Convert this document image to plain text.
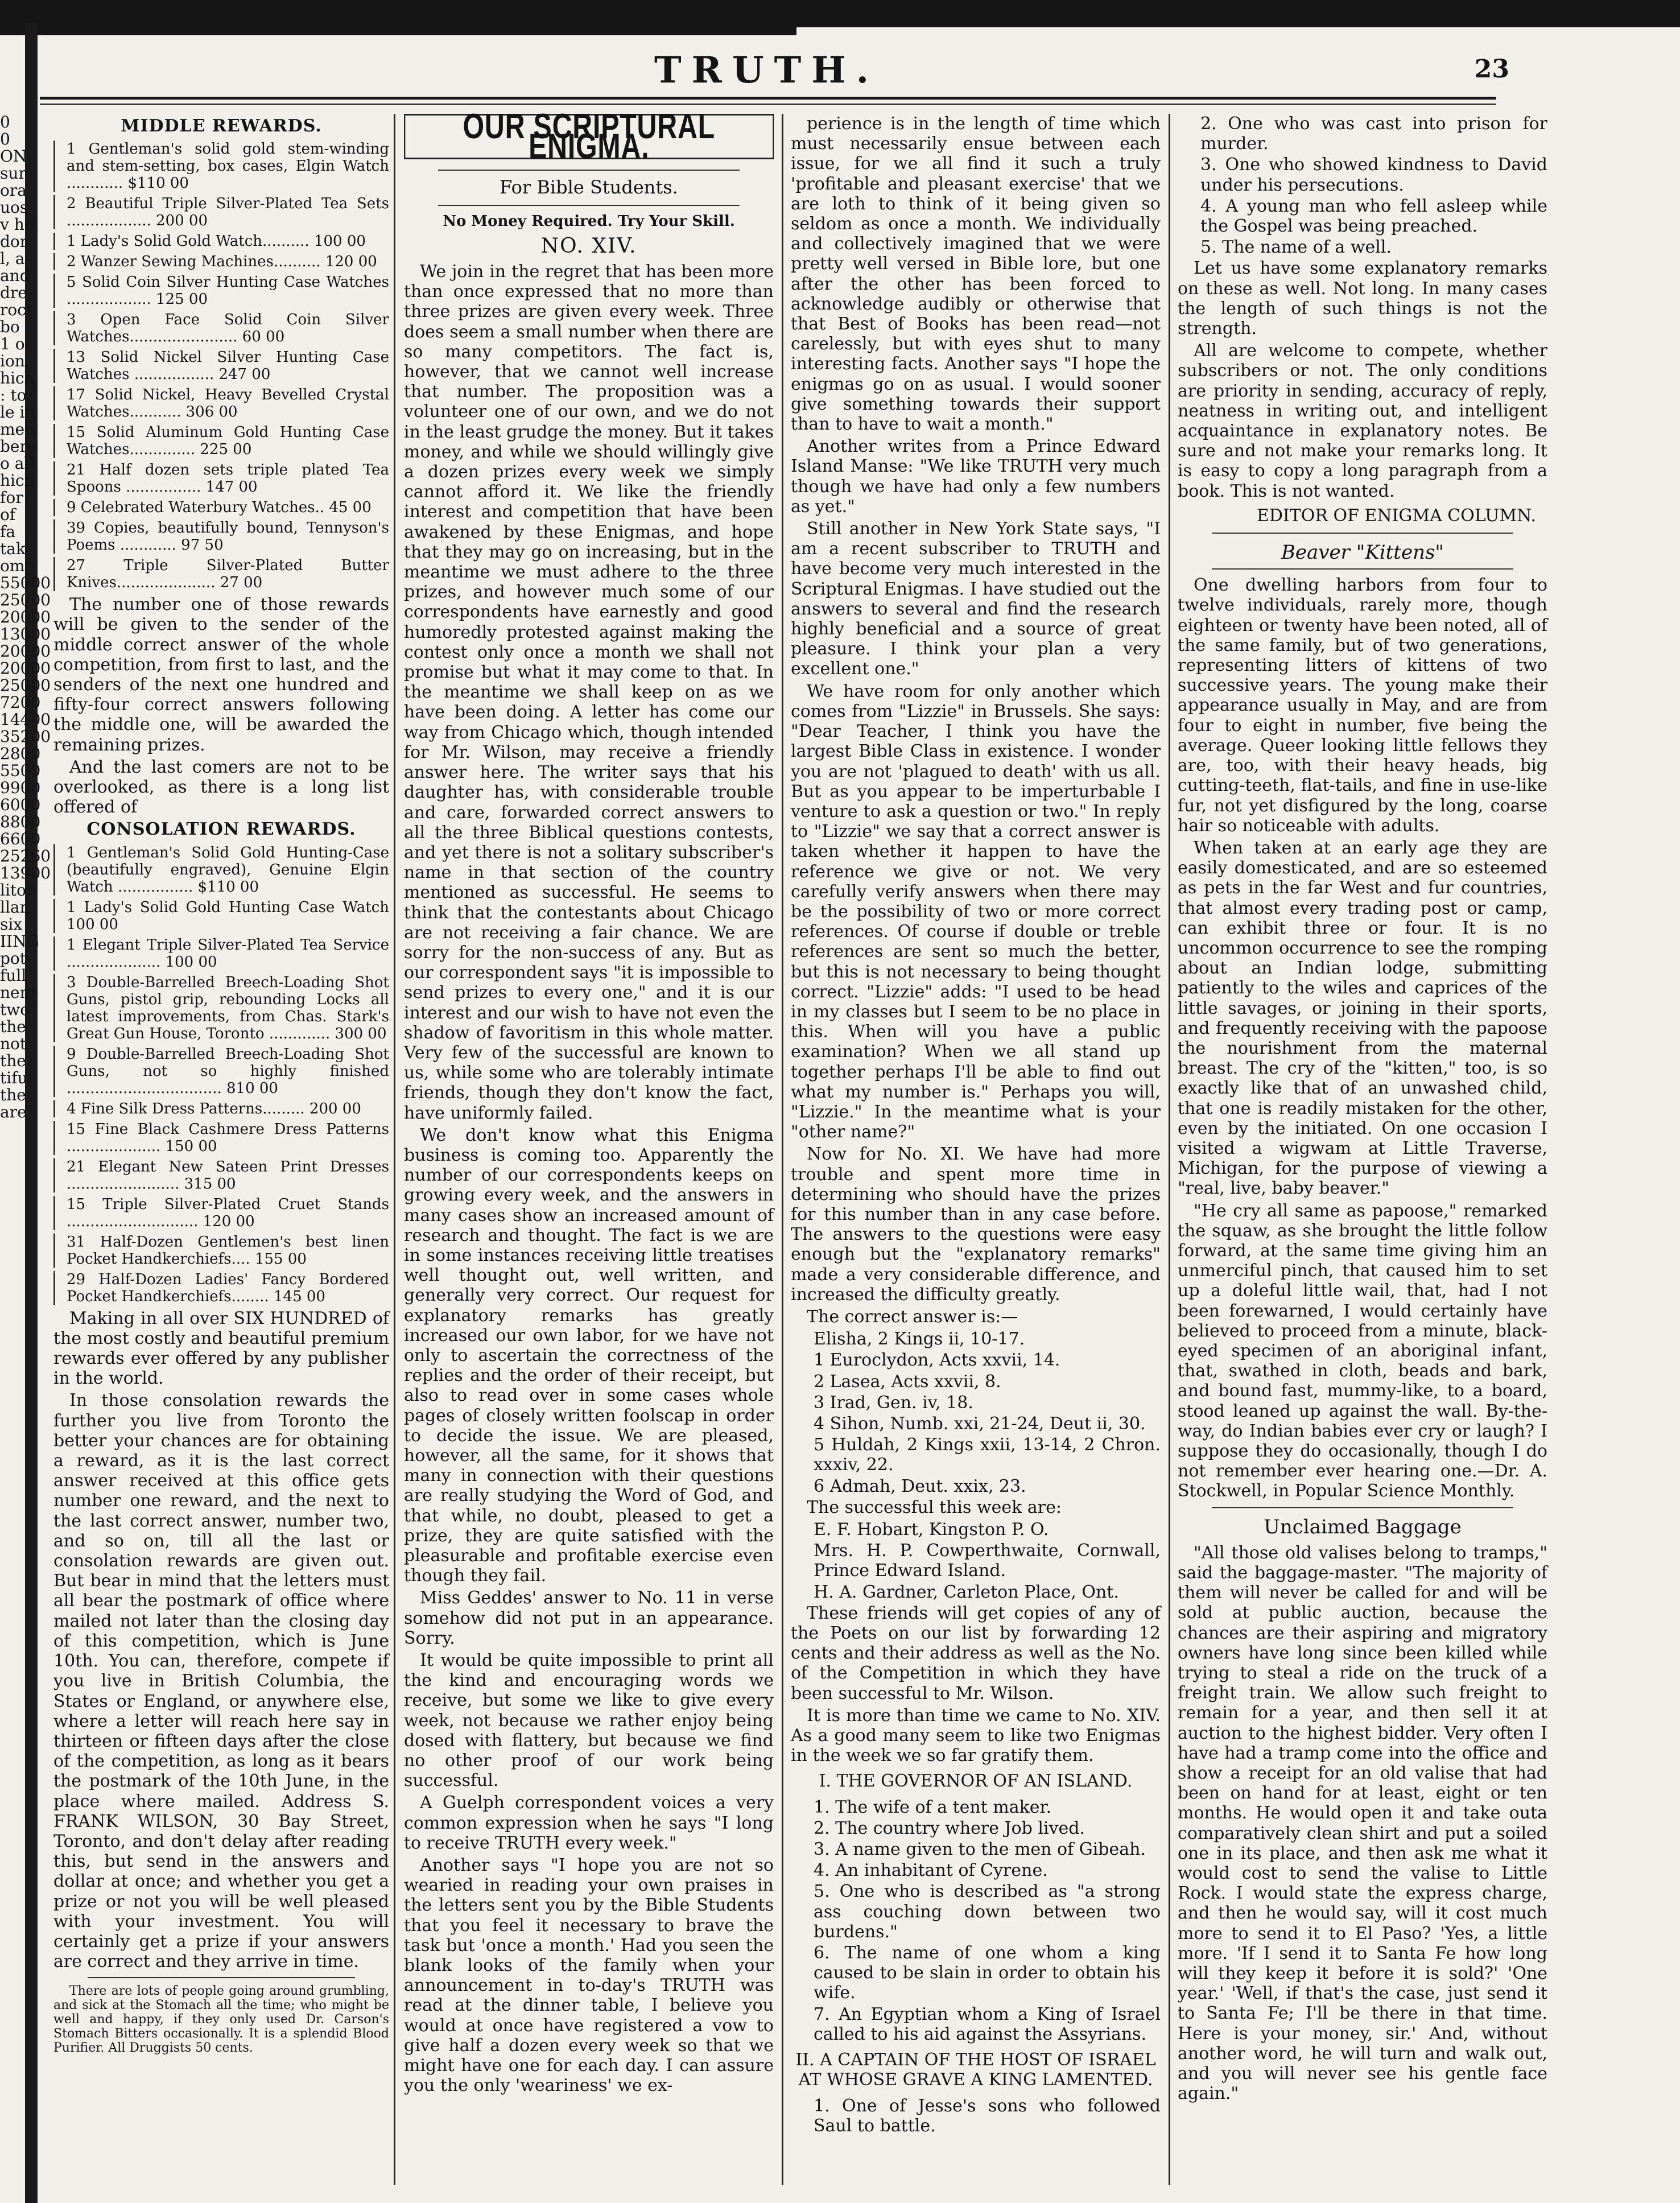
TRUTH.	23
0
0
ON
sur
ora
uos
v he
dor
l, a
and
dre
roct
bo
1 o
ion
hich
: to
le in
men
bero
o all
hich
for
of
fa
tak
ome
55000
25000
20000
13000
20000
20000
25000
7200
14400
35200
2800
5500
9900
6000
8800
6600
25260
13900
litor
llar,
six
IING
pot-
full
nent
two
the
not
the
tiful
the
are
MIDDLE REWARDS.
1 Gentleman's solid gold stem-winding and stem-setting, box cases, Elgin Watch ............ $110 00
2 Beautiful Triple Silver-Plated Tea Sets .................. 200 00
1 Lady's Solid Gold Watch.......... 100 00
2 Wanzer Sewing Machines.......... 120 00
5 Solid Coin Silver Hunting Case Watches .................. 125 00
3 Open Face Solid Coin Silver Watches....................... 60 00
13 Solid Nickel Silver Hunting Case Watches ................. 247 00
17 Solid Nickel, Heavy Bevelled Crystal Watches........... 306 00
15 Solid Aluminum Gold Hunting Case Watches.............. 225 00
21 Half dozen sets triple plated Tea Spoons ................ 147 00
9 Celebrated Waterbury Watches.. 45 00
39 Copies, beautifully bound, Tennyson's Poems ............ 97 50
27 Triple Silver-Plated Butter Knives..................... 27 00

The number one of those rewards will be given to the sender of the middle correct answer of the whole competition, from first to last, and the senders of the next one hundred and fifty-four correct answers following the middle one, will be awarded the remaining prizes.

And the last comers are not to be overlooked, as there is a long list offered of

CONSOLATION REWARDS.
1 Gentleman's Solid Gold Hunting-Case (beautifully engraved), Genuine Elgin Watch ................ $110 00
1 Lady's Solid Gold Hunting Case Watch 100 00
1 Elegant Triple Silver-Plated Tea Service .................... 100 00
3 Double-Barrelled Breech-Loading Shot Guns, pistol grip, rebounding Locks all latest improvements, from Chas. Stark's Great Gun House, Toronto ............. 300 00
9 Double-Barrelled Breech-Loading Shot Guns, not so highly finished ................................. 810 00
4 Fine Silk Dress Patterns......... 200 00
15 Fine Black Cashmere Dress Patterns .................... 150 00
21 Elegant New Sateen Print Dresses ........................ 315 00
15 Triple Silver-Plated Cruet Stands ............................ 120 00
31 Half-Dozen Gentlemen's best linen Pocket Handkerchiefs.... 155 00
29 Half-Dozen Ladies' Fancy Bordered Pocket Handkerchiefs........ 145 00

Making in all over SIX HUNDRED of the most costly and beautiful premium rewards ever offered by any publisher in the world.

In those consolation rewards the further you live from Toronto the better your chances are for obtaining a reward, as it is the last correct answer received at this office gets number one reward, and the next to the last correct answer, number two, and so on, till all the last or consolation rewards are given out. But bear in mind that the letters must all bear the postmark of office where mailed not later than the closing day of this competition, which is June 10th. You can, therefore, compete if you live in British Columbia, the States or England, or anywhere else, where a letter will reach here say in thirteen or fifteen days after the close of the competition, as long as it bears the postmark of the 10th June, in the place where mailed. Address S. FRANK WILSON, 30 Bay Street, Toronto, and don't delay after reading this, but send in the answers and dollar at once; and whether you get a prize or not you will be well pleased with your investment. You will certainly get a prize if your answers are correct and they arrive in time.

There are lots of people going around grumbling, and sick at the Stomach all the time; who might be well and happy, if they only used Dr. Carson's Stomach Bitters occasionally. It is a splendid Blood Purifier. All Druggists 50 cents.

OUR SCRIPTURAL ENIGMA.
For Bible Students.
No Money Required. Try Your Skill.
NO. XIV.

We join in the regret that has been more than once expressed that no more than three prizes are given every week. Three does seem a small number when there are so many competitors. The fact is, however, that we cannot well increase that number. The proposition was a volunteer one of our own, and we do not in the least grudge the money. But it takes money, and while we should willingly give a dozen prizes every week we simply cannot afford it. We like the friendly interest and competition that have been awakened by these Enigmas, and hope that they may go on increasing, but in the meantime we must adhere to the three prizes, and however much some of our correspondents have earnestly and good humoredly protested against making the contest only once a month we shall not promise but what it may come to that. In the meantime we shall keep on as we have been doing. A letter has come our way from Chicago which, though intended for Mr. Wilson, may receive a friendly answer here. The writer says that his daughter has, with considerable trouble and care, forwarded correct answers to all the three Biblical questions contests, and yet there is not a solitary subscriber's name in that section of the country mentioned as successful. He seems to think that the contestants about Chicago are not receiving a fair chance. We are sorry for the non-success of any. But as our correspondent says "it is impossible to send prizes to every one," and it is our interest and our wish to have not even the shadow of favoritism in this whole matter. Very few of the successful are known to us, while some who are tolerably intimate friends, though they don't know the fact, have uniformly failed.

We don't know what this Enigma business is coming too. Apparently the number of our correspondents keeps on growing every week, and the answers in many cases show an increased amount of research and thought. The fact is we are in some instances receiving little treatises well thought out, well written, and generally very correct. Our request for explanatory remarks has greatly increased our own labor, for we have not only to ascertain the correctness of the replies and the order of their receipt, but also to read over in some cases whole pages of closely written foolscap in order to decide the issue. We are pleased, however, all the same, for it shows that many in connection with their questions are really studying the Word of God, and that while, no doubt, pleased to get a prize, they are quite satisfied with the pleasurable and profitable exercise even though they fail.

Miss Geddes' answer to No. 11 in verse somehow did not put in an appearance. Sorry.

It would be quite impossible to print all the kind and encouraging words we receive, but some we like to give every week, not because we rather enjoy being dosed with flattery, but because we find no other proof of our work being successful.

A Guelph correspondent voices a very common expression when he says "I long to receive TRUTH every week."

Another says "I hope you are not so wearied in reading your own praises in the letters sent you by the Bible Students that you feel it necessary to brave the task but 'once a month.' Had you seen the blank looks of the family when your announcement in to-day's TRUTH was read at the dinner table, I believe you would at once have registered a vow to give half a dozen every week so that we might have one for each day. I can assure you the only 'weariness' we ex-

perience is in the length of time which must necessarily ensue between each issue, for we all find it such a truly 'profitable and pleasant exercise' that we are loth to think of it being given so seldom as once a month. We individually and collectively imagined that we were pretty well versed in Bible lore, but one after the other has been forced to acknowledge audibly or otherwise that that Best of Books has been read—not carelessly, but with eyes shut to many interesting facts. Another says "I hope the enigmas go on as usual. I would sooner give something towards their support than to have to wait a month."

Another writes from a Prince Edward Island Manse: "We like TRUTH very much though we have had only a few numbers as yet."

Still another in New York State says, "I am a recent subscriber to TRUTH and have become very much interested in the Scriptural Enigmas. I have studied out the answers to several and find the research highly beneficial and a source of great pleasure. I think your plan a very excellent one."

We have room for only another which comes from "Lizzie" in Brussels. She says: "Dear Teacher, I think you have the largest Bible Class in existence. I wonder you are not 'plagued to death' with us all. But as you appear to be imperturbable I venture to ask a question or two." In reply to "Lizzie" we say that a correct answer is taken whether it happen to have the reference we give or not. We very carefully verify answers when there may be the possibility of two or more correct references. Of course if double or treble references are sent so much the better, but this is not necessary to being thought correct. "Lizzie" adds: "I used to be head in my classes but I seem to be no place in this. When will you have a public examination? When we all stand up together perhaps I'll be able to find out what my number is." Perhaps you will, "Lizzie." In the meantime what is your "other name?"

Now for No. XI. We have had more trouble and spent more time in determining who should have the prizes for this number than in any case before. The answers to the questions were easy enough but the "explanatory remarks" made a very considerable difference, and increased the difficulty greatly.

The correct answer is:—

Elisha, 2 Kings ii, 10-17.
1 Euroclydon, Acts xxvii, 14.
2 Lasea, Acts xxvii, 8.
3 Irad, Gen. iv, 18.
4 Sihon, Numb. xxi, 21-24, Deut ii, 30.
5 Huldah, 2 Kings xxii, 13-14, 2 Chron. xxxiv, 22.
6 Admah, Deut. xxix, 23.

The successful this week are:

E. F. Hobart, Kingston P. O.
Mrs. H. P. Cowperthwaite, Cornwall, Prince Edward Island.
H. A. Gardner, Carleton Place, Ont.

These friends will get copies of any of the Poets on our list by forwarding 12 cents and their address as well as the No. of the Competition in which they have been successful to Mr. Wilson.

It is more than time we came to No. XIV. As a good many seem to like two Enigmas in the week we so far gratify them.

I. THE GOVERNOR OF AN ISLAND.
1. The wife of a tent maker.
2. The country where Job lived.
3. A name given to the men of Gibeah.
4. An inhabitant of Cyrene.
5. One who is described as "a strong ass couching down between two burdens."
6. The name of one whom a king caused to be slain in order to obtain his wife.
7. An Egyptian whom a King of Israel called to his aid against the Assyrians.
II. A CAPTAIN OF THE HOST OF ISRAEL AT WHOSE GRAVE A KING LAMENTED.
1. One of Jesse's sons who followed Saul to battle.
2. One who was cast into prison for murder.
3. One who showed kindness to David under his persecutions.
4. A young man who fell asleep while the Gospel was being preached.
5. The name of a well.

Let us have some explanatory remarks on these as well. Not long. In many cases the length of such things is not the strength.

All are welcome to compete, whether subscribers or not. The only conditions are priority in sending, accuracy of reply, neatness in writing out, and intelligent acquaintance in explanatory notes. Be sure and not make your remarks long. It is easy to copy a long paragraph from a book. This is not wanted.

EDITOR OF ENIGMA COLUMN.
Beaver "Kittens"

One dwelling harbors from four to twelve individuals, rarely more, though eighteen or twenty have been noted, all of the same family, but of two generations, representing litters of kittens of two successive years. The young make their appearance usually in May, and are from four to eight in number, five being the average. Queer looking little fellows they are, too, with their heavy heads, big cutting-teeth, flat-tails, and fine in use-like fur, not yet disfigured by the long, coarse hair so noticeable with adults.

When taken at an early age they are easily domesticated, and are so esteemed as pets in the far West and fur countries, that almost every trading post or camp, can exhibit three or four. It is no uncommon occurrence to see the romping about an Indian lodge, submitting patiently to the wiles and caprices of the little savages, or joining in their sports, and frequently receiving with the papoose the nourishment from the maternal breast. The cry of the "kitten," too, is so exactly like that of an unwashed child, that one is readily mistaken for the other, even by the initiated. On one occasion I visited a wigwam at Little Traverse, Michigan, for the purpose of viewing a "real, live, baby beaver."

"He cry all same as papoose," remarked the squaw, as she brought the little follow forward, at the same time giving him an unmerciful pinch, that caused him to set up a doleful little wail, that, had I not been forewarned, I would certainly have believed to proceed from a minute, black-eyed specimen of an aboriginal infant, that, swathed in cloth, beads and bark, and bound fast, mummy-like, to a board, stood leaned up against the wall. By-the-way, do Indian babies ever cry or laugh? I suppose they do occasionally, though I do not remember ever hearing one.—Dr. A. Stockwell, in Popular Science Monthly.

Unclaimed Baggage

"All those old valises belong to tramps," said the baggage-master. "The majority of them will never be called for and will be sold at public auction, because the chances are their aspiring and migratory owners have long since been killed while trying to steal a ride on the truck of a freight train. We allow such freight to remain for a year, and then sell it at auction to the highest bidder. Very often I have had a tramp come into the office and show a receipt for an old valise that had been on hand for at least, eight or ten months. He would open it and take outa comparatively clean shirt and put a soiled one in its place, and then ask me what it would cost to send the valise to Little Rock. I would state the express charge, and then he would say, will it cost much more to send it to El Paso? 'Yes, a little more. 'If I send it to Santa Fe how long will they keep it before it is sold?' 'One year.' 'Well, if that's the case, just send it to Santa Fe; I'll be there in that time. Here is your money, sir.' And, without another word, he will turn and walk out, and you will never see his gentle face again."
